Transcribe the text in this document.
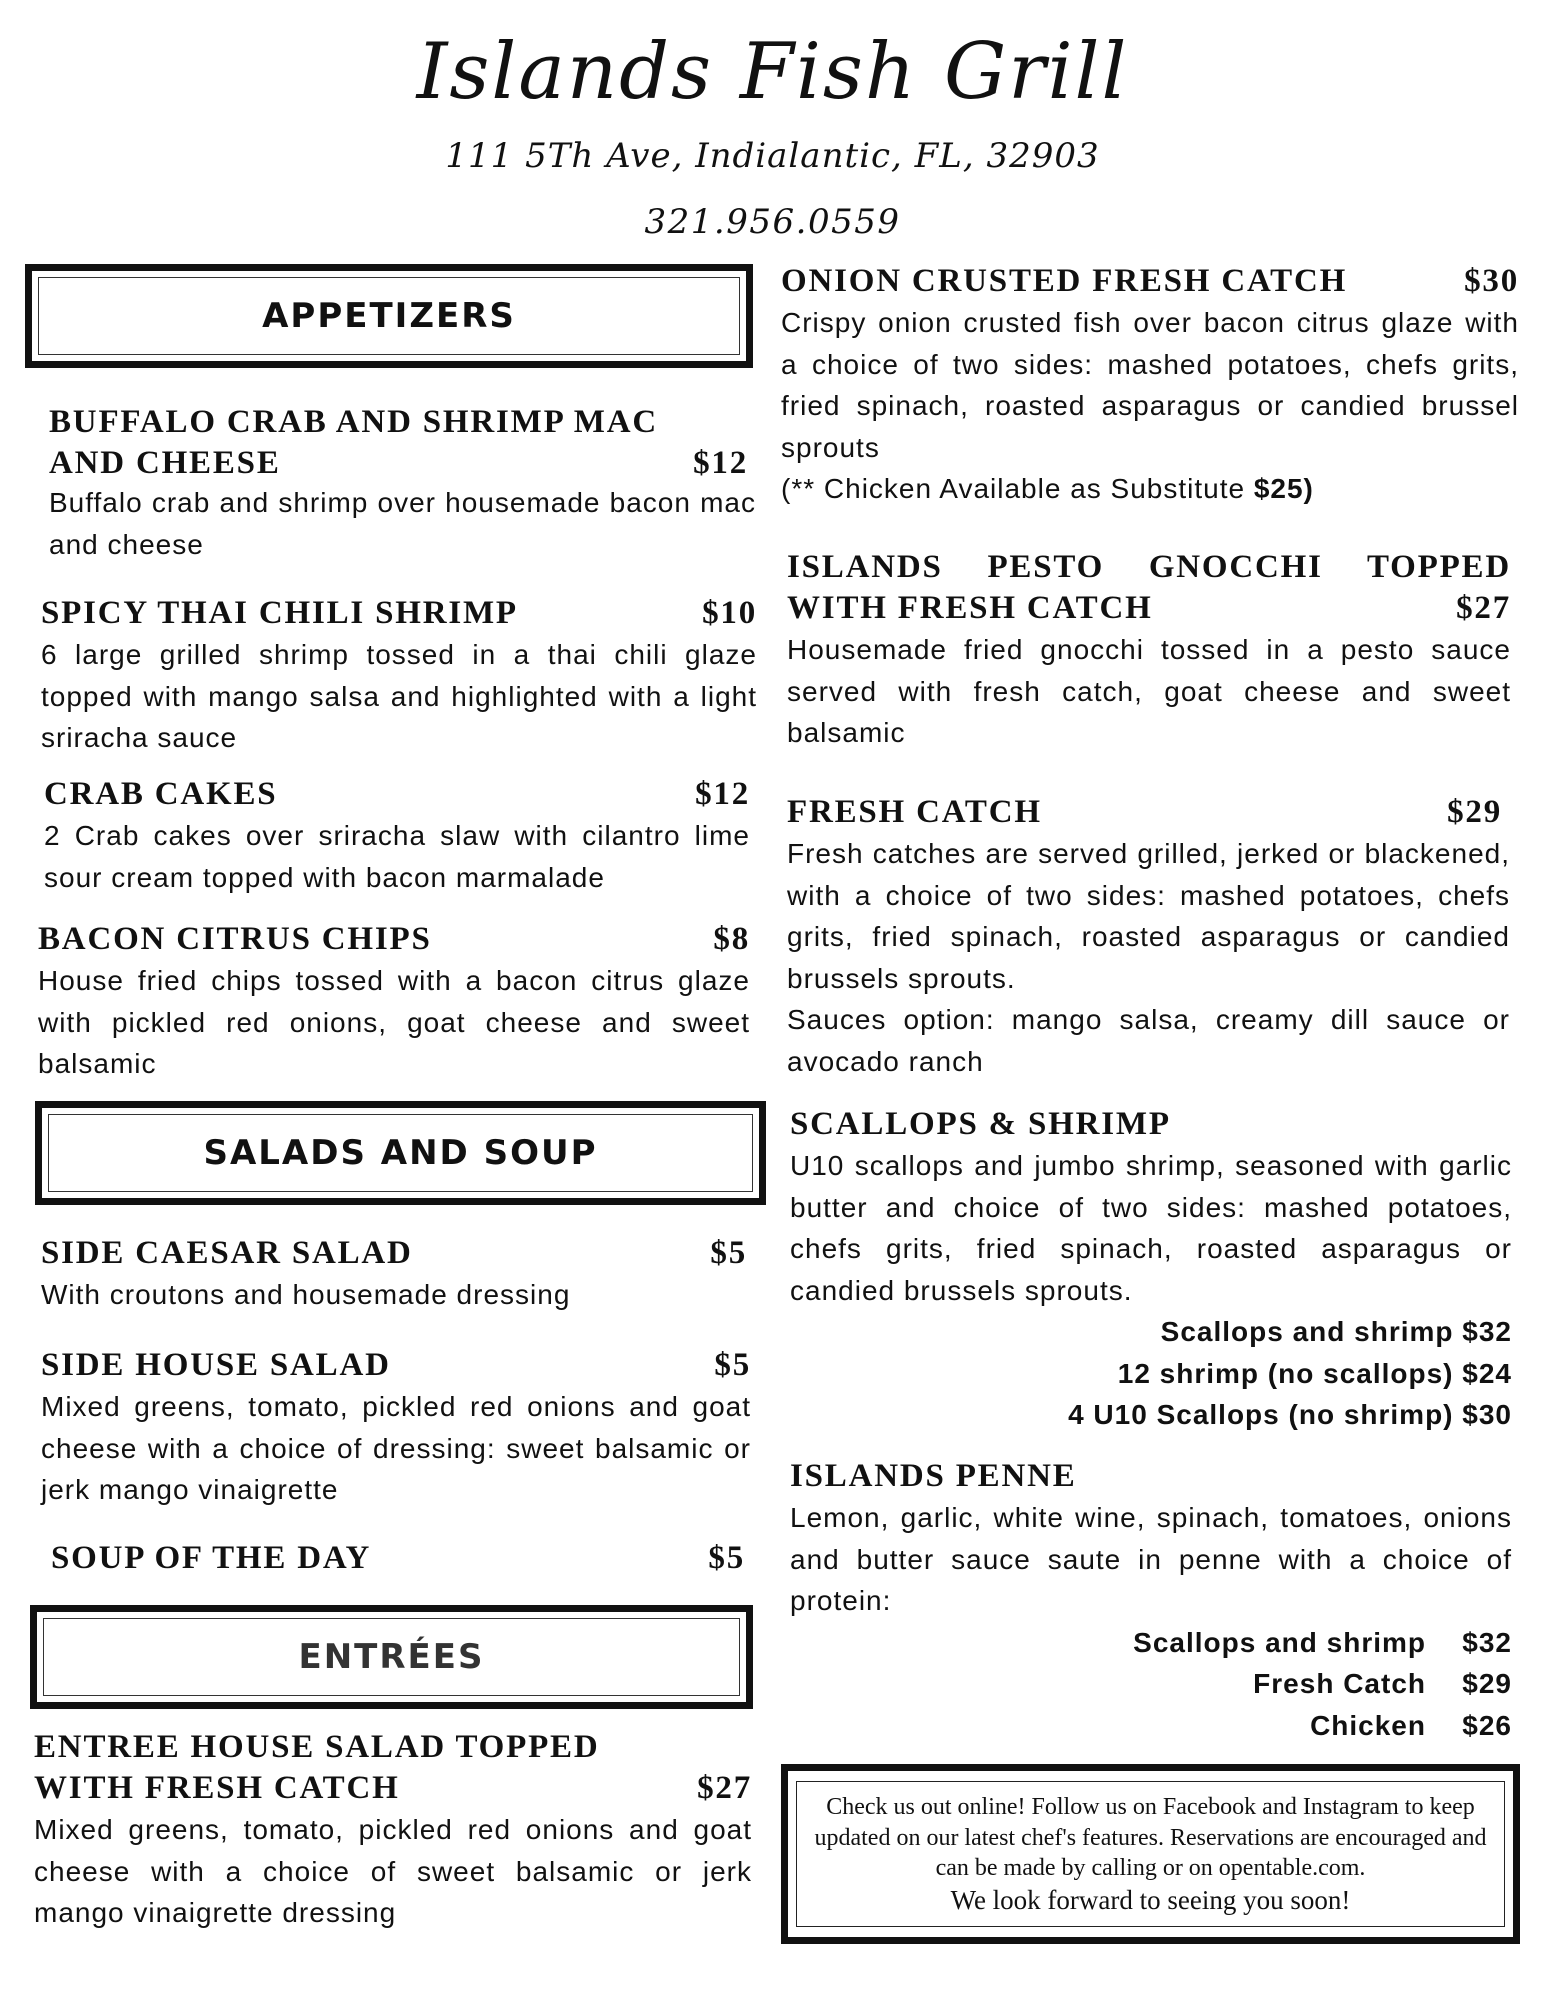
Islands Fish Grill
111 5Th Ave, Indialantic, FL, 32903
321.956.0559
APPETIZERS
BUFFALO CRAB AND SHRIMP MAC
AND CHEESE	$12
Buffalo crab and shrimp over housemade bacon mac and cheese
SPICY THAI CHILI SHRIMP	$10
6 large grilled shrimp tossed in a thai chili glaze topped with mango salsa and highlighted with a light sriracha sauce
CRAB CAKES	$12
2 Crab cakes over sriracha slaw with cilantro lime sour cream topped with bacon marmalade
BACON CITRUS CHIPS	$8
House fried chips tossed with a bacon citrus glaze with pickled red onions, goat cheese and sweet balsamic
SALADS AND SOUP
SIDE CAESAR SALAD	$5
With croutons and housemade dressing
SIDE HOUSE SALAD	$5
Mixed greens, tomato, pickled red onions and goat cheese with a choice of dressing: sweet balsamic or jerk mango vinaigrette
SOUP OF THE DAY	$5
ENTRÉES
ENTREE HOUSE SALAD TOPPED
WITH FRESH CATCH	$27
Mixed greens, tomato, pickled red onions and goat cheese with a choice of sweet balsamic or jerk mango vinaigrette dressing
ONION CRUSTED FRESH CATCH	$30
Crispy onion crusted fish over bacon citrus glaze with a choice of two sides: mashed potatoes, chefs grits, fried spinach, roasted asparagus or candied brussel sprouts
(** Chicken Available as Substitute $25)
ISLANDS PESTO GNOCCHI TOPPED
WITH FRESH CATCH	$27
Housemade fried gnocchi tossed in a pesto sauce served with fresh catch, goat cheese and sweet balsamic
FRESH CATCH	$29
Fresh catches are served grilled, jerked or blackened, with a choice of two sides: mashed potatoes, chefs grits, fried spinach, roasted asparagus or candied brussels sprouts.
Sauces option: mango salsa, creamy dill sauce or avocado ranch
SCALLOPS & SHRIMP
U10 scallops and jumbo shrimp, seasoned with garlic butter and choice of two sides: mashed potatoes, chefs grits, fried spinach, roasted asparagus or candied brussels sprouts.
Scallops and shrimp $32
12 shrimp (no scallops) $24
4 U10 Scallops (no shrimp) $30
ISLANDS PENNE
Lemon, garlic, white wine, spinach, tomatoes, onions and butter sauce saute in penne with a choice of protein:
Scallops and shrimp	$32
Fresh Catch	$29
Chicken	$26
Check us out online! Follow us on Facebook and Instagram to keep updated on our latest chef's features. Reservations are encouraged and can be made by calling or on opentable.com.
We look forward to seeing you soon!
